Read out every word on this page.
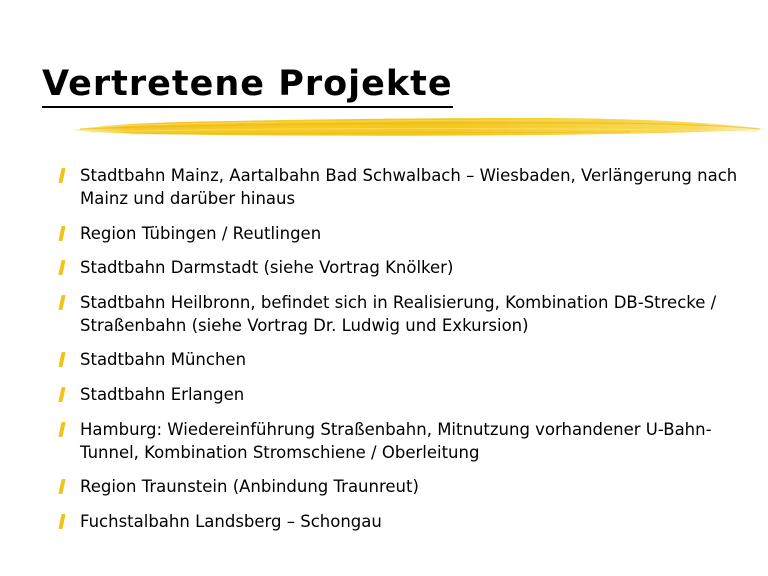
Vertretene Projekte
Stadtbahn Mainz, Aartalbahn Bad Schwalbach – Wiesbaden, Verlängerung nach Mainz und darüber hinaus
Region Tübingen / Reutlingen
Stadtbahn Darmstadt (siehe Vortrag Knölker)
Stadtbahn Heilbronn, befindet sich in Realisierung, Kombination DB-Strecke / Straßenbahn (siehe Vortrag Dr. Ludwig und Exkursion)
Stadtbahn München
Stadtbahn Erlangen
Hamburg: Wiedereinführung Straßenbahn, Mitnutzung vorhandener U-Bahn-Tunnel, Kombination Stromschiene / Oberleitung
Region Traunstein (Anbindung Traunreut)
Fuchstalbahn Landsberg – Schongau
